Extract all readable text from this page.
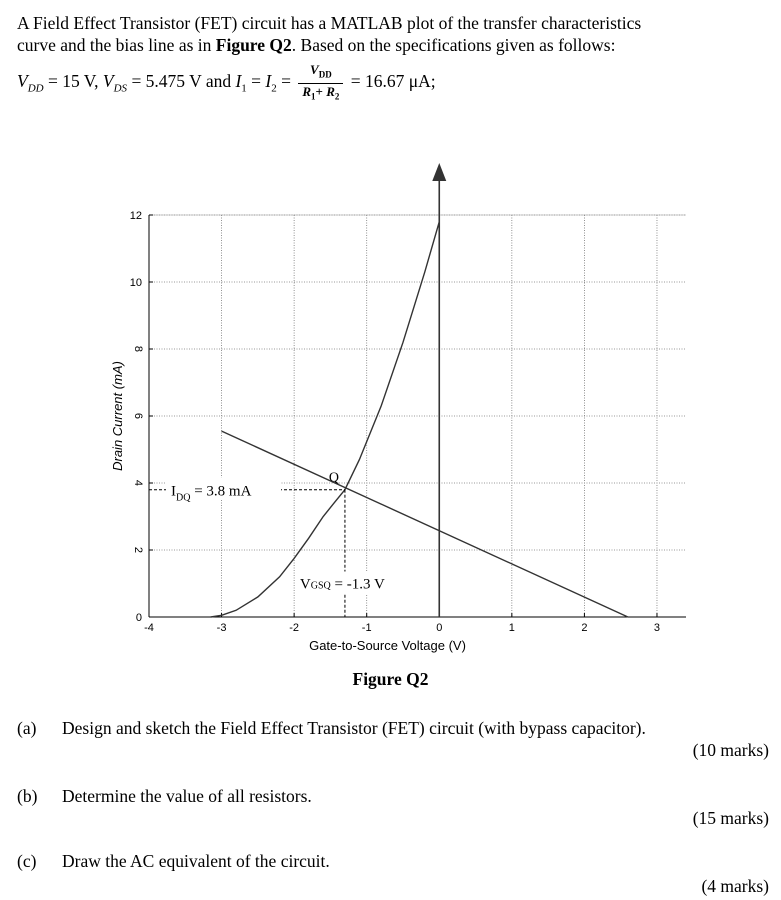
A Field Effect Transistor (FET) circuit has a MATLAB plot of the transfer characteristics

curve and the bias line as in Figure Q2. Based on the specifications given as follows:

$V_{DD} = 15$ V, $V_{DS} = 5.475$ V and $I_1 = I_2 = \frac{V_{DD}}{R_1+ R_2} = 16.67$ μA;
-4	-3	-2	-1	0	1	2	3
0
2
4
6
8
10
12
Gate-to-Source Voltage (V)
Drain Current (mA)
Q
$I_{DQ} = 3.8$ mA
VGSQ = -1.3 V
Figure Q2
(a) Design and sketch the Field Effect Transistor (FET) circuit (with bypass capacitor).
(10 marks)
(b) Determine the value of all resistors.
(15 marks)
(c) Draw the AC equivalent of the circuit.
(4 marks)
